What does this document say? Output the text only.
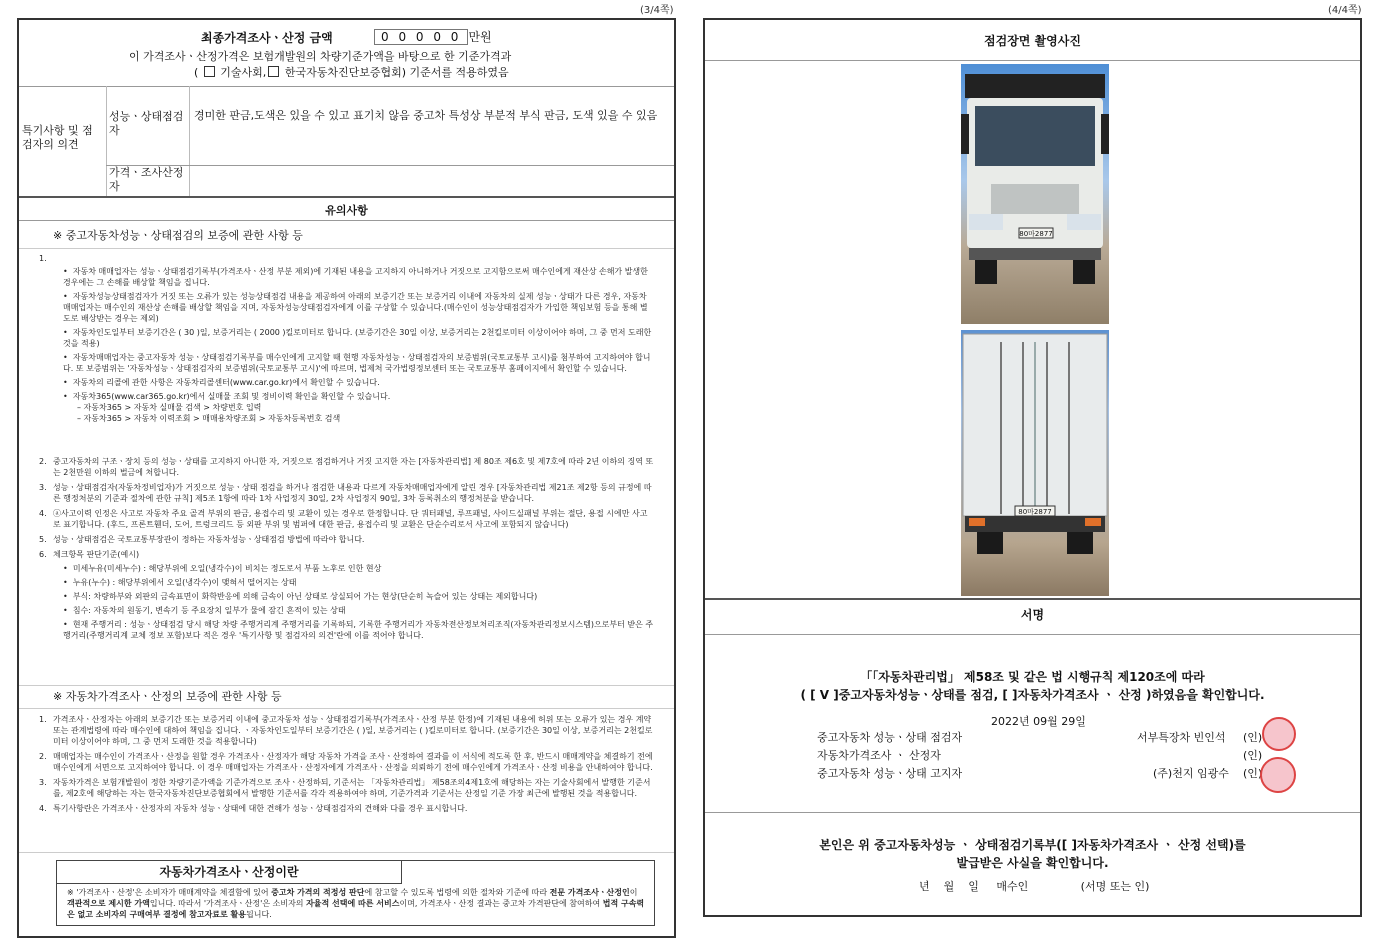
(3/4쪽)	(4/4쪽)
최종가격조사ㆍ산정 금액	0 0 0 0 0 만원
이 가격조사ㆍ산정가격은 보험개발원의 차량기준가액을 바탕으로 한 기준가격과
( 기술사회, 한국자동차진단보증협회) 기준서를 적용하였음
특기사항 및 점검자의 의견
성능ㆍ상태점검자
경미한 판금,도색은 있을 수 있고 표기치 않음 중고차 특성상 부분적 부식 판금, 도색 있을 수 있음
가격ㆍ조사산정자
유의사항
※ 중고자동차성능ㆍ상태점검의 보증에 관한 사항 등
1.
•  자동차 매매업자는 성능ㆍ상태점검기록부(가격조사ㆍ산정 부분 제외)에 기재된 내용을 고지하지 아니하거나 거짓으로 고지함으로써 매수인에게 재산상 손해가 발생한 경우에는 그 손해를 배상할 책임을 집니다.
•  자동차성능상태점검자가 거짓 또는 오류가 있는 성능상태점검 내용을 제공하여 아래의 보증기간 또는 보증거리 이내에 자동차의 실제 성능ㆍ상태가 다른 경우, 자동차매매업자는 매수인의 재산상 손해를 배상할 책임을 지며, 자동차성능상태점검자에게 이를 구상할 수 있습니다.(매수인이 성능상태점검자가 가입한 책임보험 등을 통해 별도로 배상받는 경우는 제외)
•  자동차인도일부터 보증기간은 ( 30 )일, 보증거리는 ( 2000 )킬로미터로 합니다. (보증기간은 30일 이상, 보증거리는 2천킬로미터 이상이어야 하며, 그 중 먼저 도래한 것을 적용)
•  자동차매매업자는 중고자동차 성능ㆍ상태점검기록부를 매수인에게 고지할 때 현행 자동차성능ㆍ상태점검자의 보증범위(국토교통부 고시)를 첨부하여 고지하여야 합니다. 또 보증범위는 '자동차성능ㆍ상태점검자의 보증범위(국토교통부 고시)'에 따르며, 법제처 국가법령정보센터 또는 국토교통부 홈페이지에서 확인할 수 있습니다.
•  자동차의 리콜에 관한 사항은 자동차리콜센터(www.car.go.kr)에서 확인할 수 있습니다.
•  자동차365(www.car365.go.kr)에서 실매물 조회 및 정비이력 확인을 확인할 수 있습니다.
– 자동차365 > 자동차 실매물 검색 > 차량번호 입력
– 자동차365 > 자동차 이력조회 > 매매용차량조회 > 자동차등록번호 검색
2. 중고자동차의 구조ㆍ장치 등의 성능ㆍ상태를 고지하지 아니한 자, 거짓으로 점검하거나 거짓 고지한 자는 [자동차관리법] 제 80조 제6호 및 제7호에 따라 2년 이하의 징역 또는 2천만원 이하의 벌금에 처합니다.
3. 성능ㆍ상태점검자(자동차정비업자)가 거짓으로 성능ㆍ상태 점검을 하거나 점검한 내용과 다르게 자동차매매업자에게 알린 경우 [자동차관리법 제21조 제2항 등의 규정에 따른 행정처분의 기준과 절차에 관한 규칙] 제5조 1항에 따라 1차 사업정지 30일, 2차 사업정지 90일, 3차 등록취소의 행정처분을 받습니다.
4. ⓐ사고이력 인정은 사고로 자동차 주요 골격 부위의 판금, 용접수리 및 교환이 있는 경우로 한정합니다. 단 쿼터패널, 루프패널, 사이드실패널 부위는 절단, 용접 시에만 사고로 표기합니다. (후드, 프론트휀더, 도어, 트렁크리드 등 외판 부위 및 범퍼에 대한 판금, 용접수리 및 교환은 단순수리로서 사고에 포함되지 않습니다)
5. 성능ㆍ상태점검은 국토교통부장관이 정하는 자동차성능ㆍ상태점검 방법에 따라야 합니다.
6. 체크항목 판단기준(예시)
•  미세누유(미세누수) : 해당부위에 오일(냉각수)이 비치는 정도로서 부품 노후로 인한 현상
•  누유(누수) : 해당부위에서 오일(냉각수)이 맺혀서 떨어지는 상태
•  부식: 차량하부와 외판의 금속표면이 화학반응에 의해 금속이 아닌 상태로 상실되어 가는 현상(단순히 녹슬어 있는 상태는 제외합니다)
•  침수: 자동차의 원동기, 변속기 등 주요장치 일부가 물에 잠긴 흔적이 있는 상태
•  현재 주행거리 : 성능ㆍ상태점검 당시 해당 차량 주행거리계 주행거리를 기록하되, 기록한 주행거리가 자동차전산정보처리조직(자동차관리정보시스템)으로부터 받은 주행거리(주행거리계 교체 정보 포함)보다 적은 경우 '특기사항 및 점검자의 의견'란에 이를 적어야 합니다.
※ 자동차가격조사ㆍ산정의 보증에 관한 사항 등
1. 가격조사ㆍ산정자는 아래의 보증기간 또는 보증거리 이내에 중고자동차 성능ㆍ상태점검기록부(가격조사ㆍ산정 부분 한정)에 기재된 내용에 허위 또는 오류가 있는 경우 계약 또는 관계법령에 따라 매수인에 대하여 책임을 집니다. ㆍ자동차인도일부터 보증기간은 ( )일, 보증거리는 ( )킬로미터로 합니다. (보증기간은 30일 이상, 보증거리는 2천킬로미터 이상이어야 하며, 그 중 먼저 도래한 것을 적용합니다)
2. 매매업자는 매수인이 가격조사ㆍ산정을 원할 경우 가격조사ㆍ산정자가 해당 자동차 가격을 조사ㆍ산정하여 결과를 이 서식에 적도록 한 후, 반드시 매매계약을 체결하기 전에 매수인에게 서면으로 고지하여야 합니다. 이 경우 매매업자는 가격조사ㆍ산정자에게 가격조사ㆍ산정을 의뢰하기 전에 매수인에게 가격조사ㆍ산정 비용을 안내하여야 합니다.
3. 자동차가격은 보험개발원이 정한 차량기준가액을 기준가격으로 조사ㆍ산정하되, 기준서는 「자동차관리법」 제58조의4제1호에 해당하는 자는 기술사회에서 발행한 기준서를, 제2호에 해당하는 자는 한국자동차진단보증협회에서 발행한 기준서를 각각 적용하여야 하며, 기준가격과 기준서는 산정일 기준 가장 최근에 발행된 것을 적용합니다.
4. 특기사항란은 가격조사ㆍ산정자의 자동차 성능ㆍ상태에 대한 견해가 성능ㆍ상태점검자의 견해와 다를 경우 표시합니다.
자동차가격조사ㆍ산정이란
※ '가격조사ㆍ산정'은 소비자가 매매계약을 체결함에 있어 중고차 가격의 적정성 판단에 참고할 수 있도록 법령에 의한 절차와 기준에 따라 전문 가격조사ㆍ산정인이 객관적으로 제시한 가액입니다. 따라서 '가격조사ㆍ산정'은 소비자의 자율적 선택에 따른 서비스이며, 가격조사ㆍ산정 결과는 중고차 가격판단에 참여하여 법적 구속력은 없고 소비자의 구매여부 결정에 참고자료로 활용됩니다.
점검장면 촬영사진
80마2877
80마2877
서명
「「자동차관리법」 제58조 및 같은 법 시행규칙 제120조에 따라
( [ V ]중고자동차성능ㆍ상태를 점검, [ ]자동차가격조사 ㆍ 산정 )하였음을 확인합니다.
2022년 09월 29일
중고자동차 성능ㆍ상태 점검자	서부특장차 빈인석 (인)
자동차가격조사 ㆍ 산정자	(인)
중고자동차 성능ㆍ상태 고지자	(주)천지 임광수 (인)
본인은 위 중고자동차성능 ㆍ 상태점검기록부([ ]자동차가격조사 ㆍ 산정 선택)를
발급받은 사실을 확인합니다.
년    월    일     매수인               (서명 또는 인)
